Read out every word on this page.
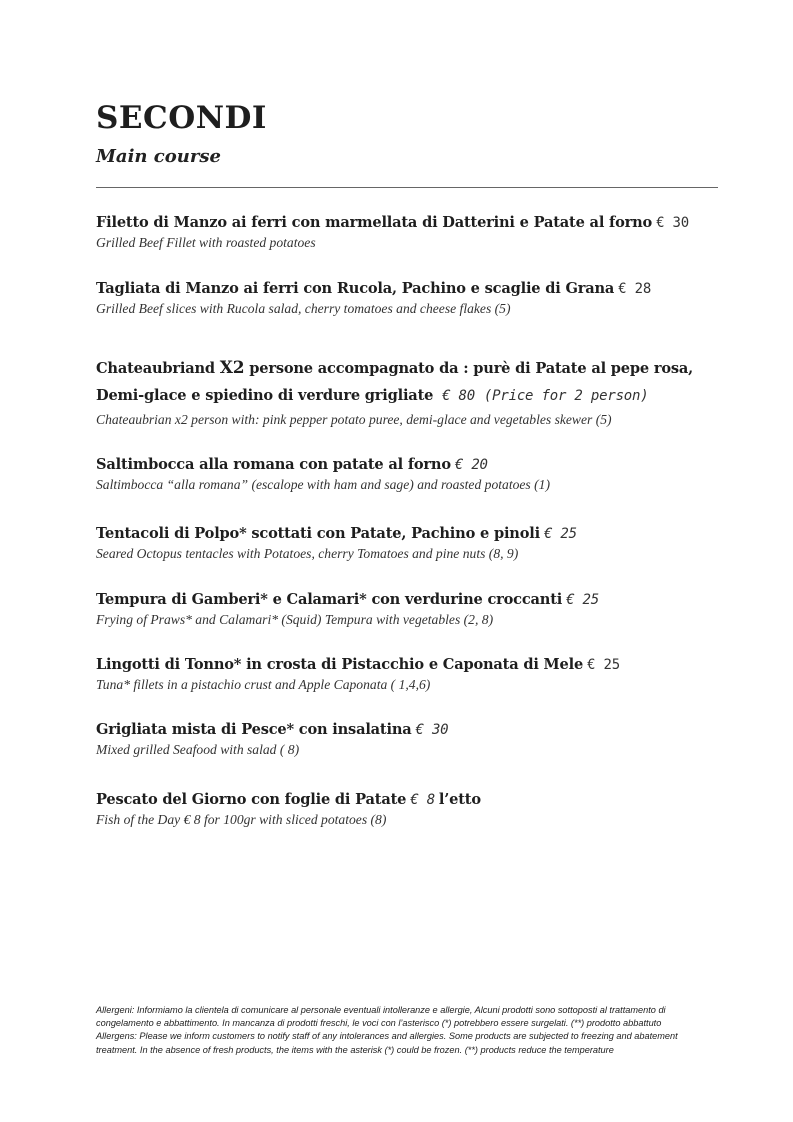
SECONDI
Main course
Filetto di Manzo ai ferri con marmellata di Datterini e Patate al forno € 30
Grilled Beef Fillet with roasted potatoes
Tagliata di Manzo ai ferri con Rucola, Pachino e scaglie di Grana € 28
Grilled Beef slices with Rucola salad, cherry tomatoes and cheese flakes (5)
Chateaubriand X2 persone accompagnato da : purè di Patate al pepe rosa, Demi-glace e spiedino di verdure grigliate € 80 (Price for 2 person)
Chateaubrian x2 person with: pink pepper potato puree, demi-glace and vegetables skewer (5)
Saltimbocca alla romana con patate al forno € 20
Saltimbocca “alla romana” (escalope with ham and sage) and roasted potatoes (1)
Tentacoli di Polpo* scottati con Patate, Pachino e pinoli € 25
Seared Octopus tentacles with Potatoes, cherry Tomatoes and pine nuts (8, 9)
Tempura di Gamberi* e Calamari* con verdurine croccanti € 25
Frying of Praws* and Calamari* (Squid) Tempura with vegetables (2, 8)
Lingotti di Tonno* in crosta di Pistacchio e Caponata di Mele € 25
Tuna* fillets in a pistachio crust and Apple Caponata ( 1,4,6)
Grigliata mista di Pesce* con insalatina € 30
Mixed grilled Seafood with salad ( 8)
Pescato del Giorno con foglie di Patate € 8 l’etto
Fish of the Day € 8 for 100gr with sliced potatoes (8)

Allergeni: Informiamo la clientela di comunicare al personale eventuali intolleranze e allergie, Alcuni prodotti sono sottoposti al trattamento di congelamento e abbattimento. In mancanza di prodotti freschi, le voci con l’asterisco (*) potrebbero essere surgelati. (**) prodotto abbattuto

Allergens: Please we inform customers to notify staff of any intolerances and allergies. Some products are subjected to freezing and abatement treatment. In the absence of fresh products, the items with the asterisk (*) could be frozen. (**) products reduce the temperature
